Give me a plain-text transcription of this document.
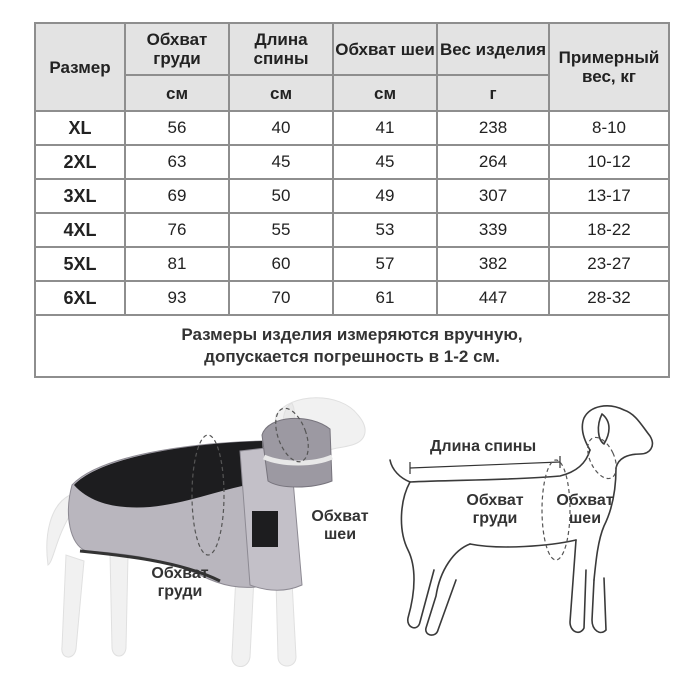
Размер	Обхват груди	Длина спины	Обхват шеи	Вес изделия	Примерный вес, кг
	см	см	см	г	
XL	56	40	41	238	8-10
2XL	63	45	45	264	10-12
3XL	69	50	49	307	13-17
4XL	76	55	53	339	18-22
5XL	81	60	57	382	23-27
6XL	93	70	61	447	28-32

Размеры изделия измеряются вручную,
допускается погрешность в 1-2 см.					
Обхват шеи
Обхват груди
Длина спины
Обхват груди
Обхват шеи
